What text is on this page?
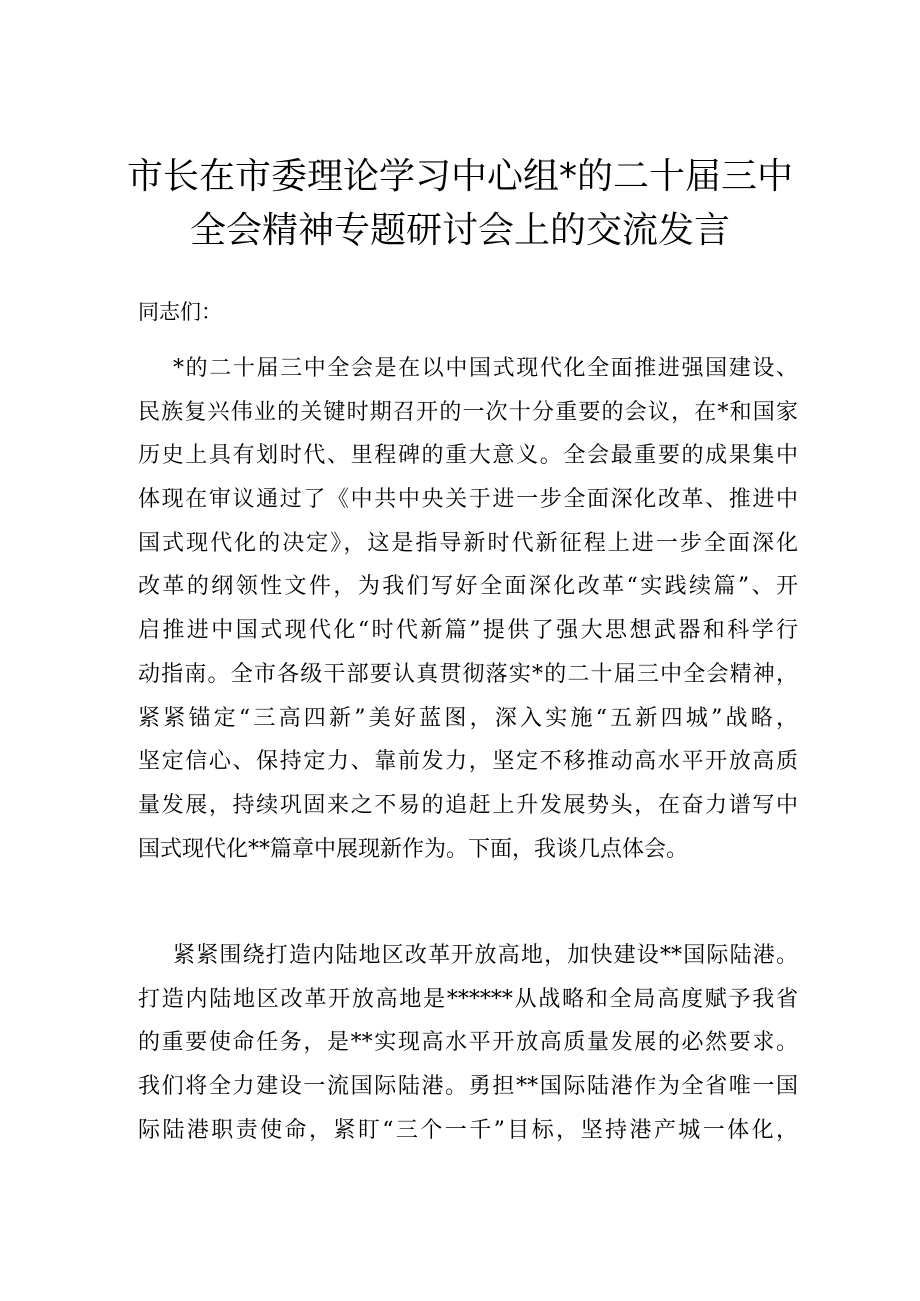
市长在市委理论学习中心组*的二十届三中
全会精神专题研讨会上的交流发言

同志们：

*的二十届三中全会是在以中国式现代化全面推进强国建设、
民族复兴伟业的关键时期召开的一次十分重要的会议，在*和国家
历史上具有划时代、里程碑的重大意义。全会最重要的成果集中
体现在审议通过了《中共中央关于进一步全面深化改革、推进中
国式现代化的决定》，这是指导新时代新征程上进一步全面深化
改革的纲领性文件，为我们写好全面深化改革“实践续篇”、开
启推进中国式现代化“时代新篇”提供了强大思想武器和科学行
动指南。全市各级干部要认真贯彻落实*的二十届三中全会精神，
紧紧锚定“三高四新”美好蓝图，深入实施“五新四城”战略，
坚定信心、保持定力、靠前发力，坚定不移推动高水平开放高质
量发展，持续巩固来之不易的追赶上升发展势头，在奋力谱写中
国式现代化**篇章中展现新作为。下面，我谈几点体会。
紧紧围绕打造内陆地区改革开放高地，加快建设**国际陆港。
打造内陆地区改革开放高地是******从战略和全局高度赋予我省
的重要使命任务，是**实现高水平开放高质量发展的必然要求。
我们将全力建设一流国际陆港。勇担**国际陆港作为全省唯一国
际陆港职责使命，紧盯“三个一千”目标，坚持港产城一体化，
